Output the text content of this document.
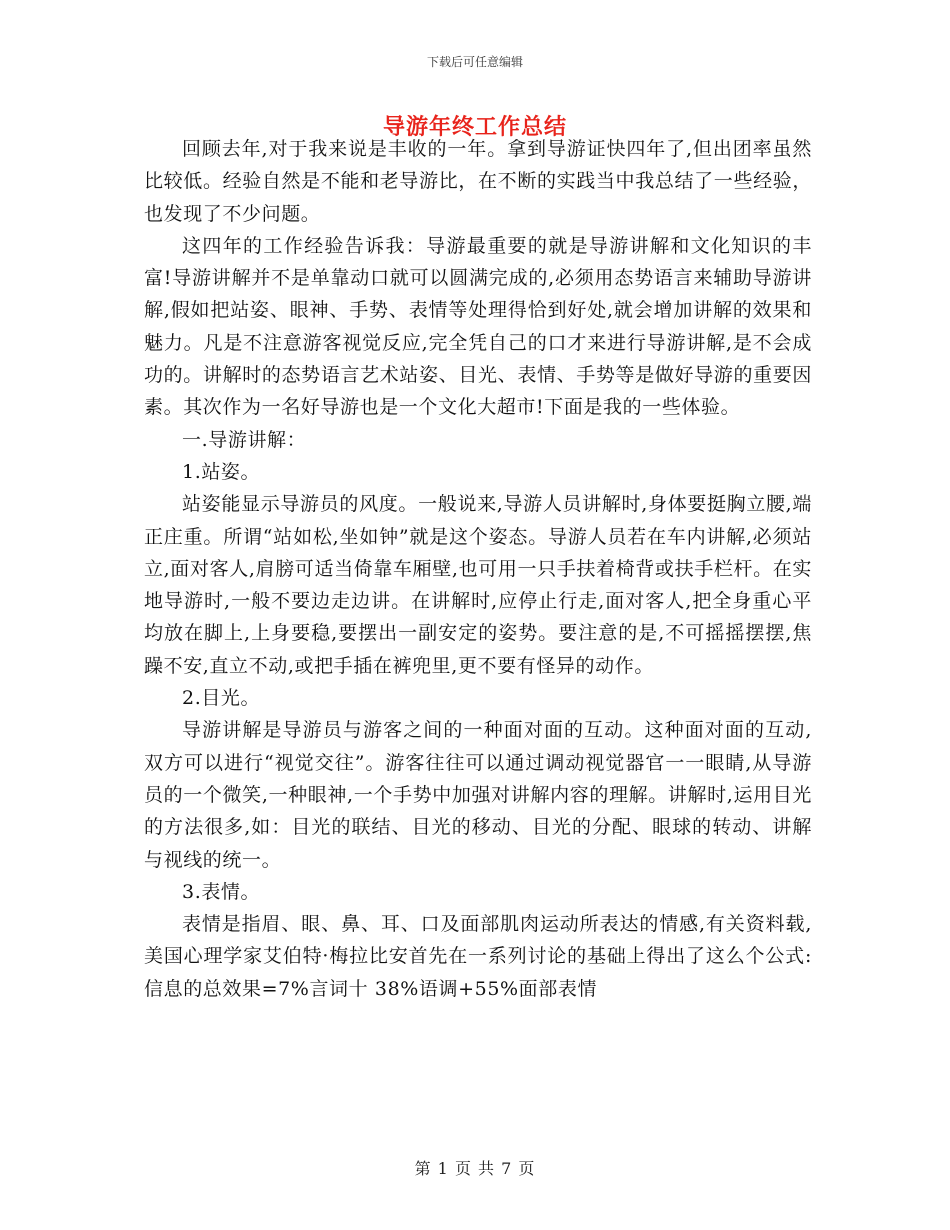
下载后可任意编辑
导游年终工作总结

回顾去年,对于我来说是丰收的一年。拿到导游证快四年了,但出团率虽然比较低。经验自然是不能和老导游比，在不断的实践当中我总结了一些经验，也发现了不少问题。

这四年的工作经验告诉我：导游最重要的就是导游讲解和文化知识的丰富!导游讲解并不是单靠动口就可以圆满完成的,必须用态势语言来辅助导游讲解,假如把站姿、眼神、手势、表情等处理得恰到好处,就会增加讲解的效果和魅力。凡是不注意游客视觉反应,完全凭自己的口才来进行导游讲解,是不会成功的。讲解时的态势语言艺术站姿、目光、表情、手势等是做好导游的重要因素。其次作为一名好导游也是一个文化大超市!下面是我的一些体验。

一.导游讲解：

1.站姿。

站姿能显示导游员的风度。一般说来,导游人员讲解时,身体要挺胸立腰,端正庄重。所谓“站如松,坐如钟”就是这个姿态。导游人员若在车内讲解,必须站立,面对客人,肩膀可适当倚靠车厢壁,也可用一只手扶着椅背或扶手栏杆。在实地导游时,一般不要边走边讲。在讲解时,应停止行走,面对客人,把全身重心平均放在脚上,上身要稳,要摆出一副安定的姿势。要注意的是,不可摇摇摆摆,焦躁不安,直立不动,或把手插在裤兜里,更不要有怪异的动作。

2.目光。

导游讲解是导游员与游客之间的一种面对面的互动。这种面对面的互动,双方可以进行“视觉交往”。游客往往可以通过调动视觉器官一一眼睛,从导游员的一个微笑,一种眼神,一个手势中加强对讲解内容的理解。讲解时,运用目光的方法很多,如：目光的联结、目光的移动、目光的分配、眼球的转动、讲解与视线的统一。

3.表情。

表情是指眉、眼、鼻、耳、口及面部肌肉运动所表达的情感,有关资料载,美国心理学家艾伯特·梅拉比安首先在一系列讨论的基础上得出了这么个公式:信息的总效果=7%言词十 38%语调+55%面部表情

第 1 页 共 7 页
